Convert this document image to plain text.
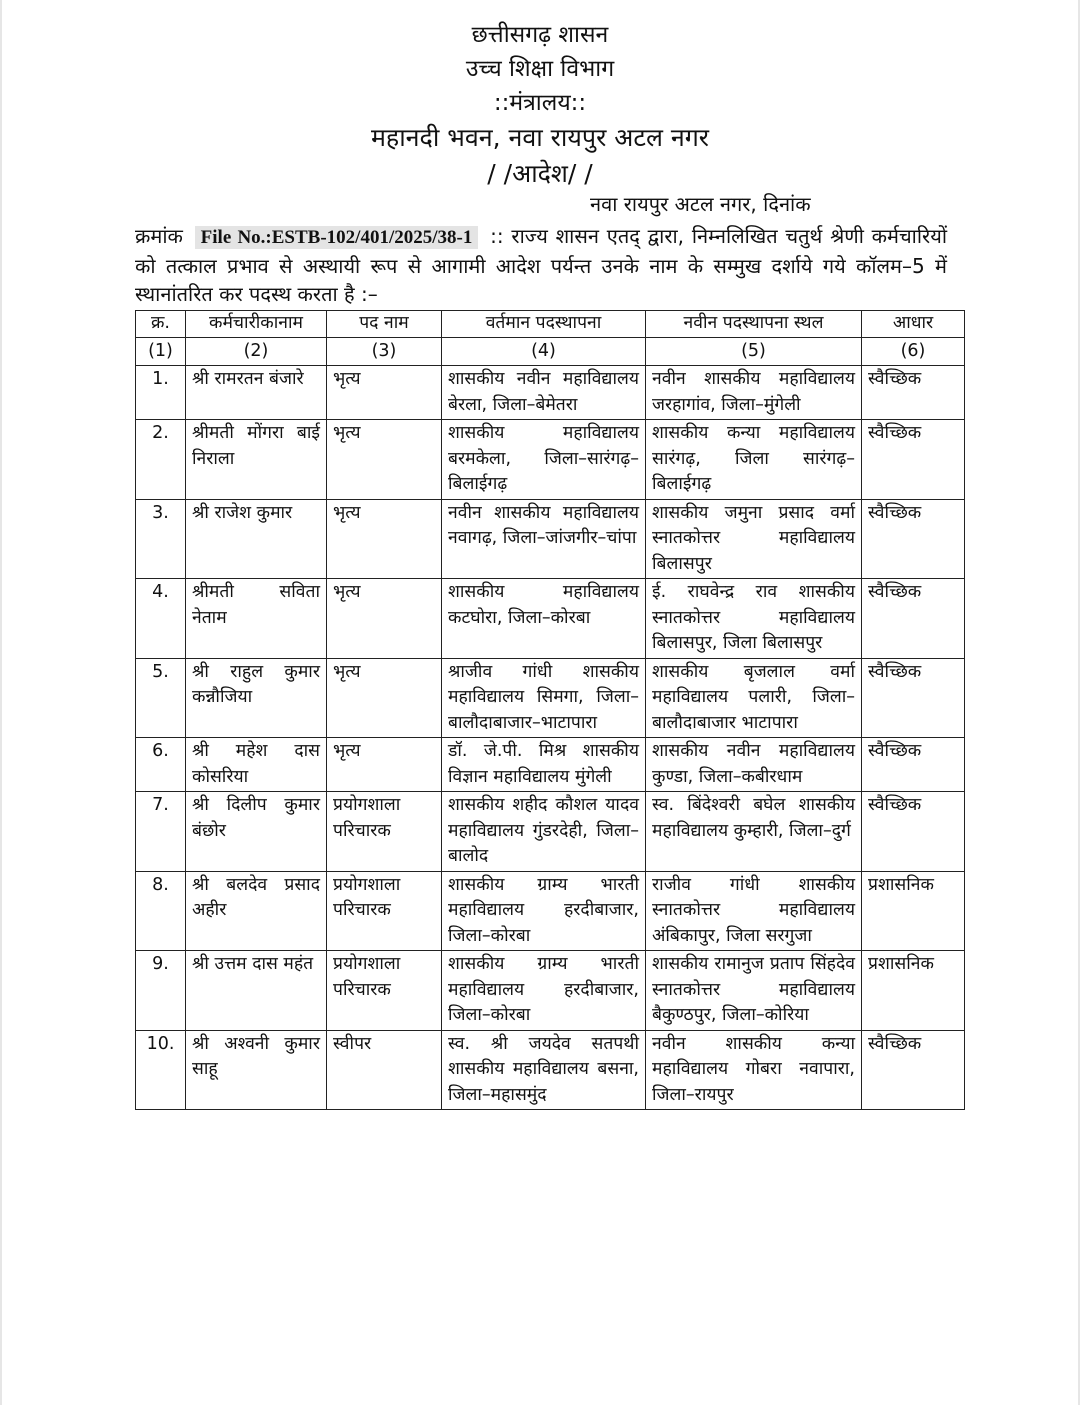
छत्तीसगढ़ शासन
उच्च शिक्षा विभाग
::मंत्रालय::
महानदी भवन, नवा रायपुर अटल नगर
/ /आदेश/ /
नवा रायपुर अटल नगर, दिनांक
क्रमांक File No.:ESTB-102/401/2025/38-1 :: राज्य शासन एतद् द्वारा, निम्नलिखित चतुर्थ श्रेणी कर्मचारियों को तत्काल प्रभाव से अस्थायी रूप से आगामी आदेश पर्यन्त उनके नाम के सम्मुख दर्शाये गये कॉलम–5 में स्थानांतरित कर पदस्थ करता है :–
क्र.	कर्मचारीकानाम	पद नाम	वर्तमान पदस्थापना	नवीन पदस्थापना स्थल	आधार
(1)	(2)	(3)	(4)	(5)	(6)
1.	श्री रामरतन बंजारे	भृत्य	शासकीय नवीन महाविद्यालय बेरला, जिला–बेमेतरा	नवीन शासकीय महाविद्यालय जरहागांव, जिला–मुंगेली	स्वैच्छिक
2.	श्रीमती मोंगरा बाई निराला	भृत्य	शासकीय महाविद्यालय बरमकेला, जिला–सारंगढ़–बिलाईगढ़	शासकीय कन्या महाविद्यालय सारंगढ़, जिला सारंगढ़–बिलाईगढ़	स्वैच्छिक
3.	श्री राजेश कुमार	भृत्य	नवीन शासकीय महाविद्यालय नवागढ़, जिला–जांजगीर–चांपा	शासकीय जमुना प्रसाद वर्मा स्नातकोत्तर महाविद्यालय बिलासपुर	स्वैच्छिक
4.	श्रीमती सविता नेताम	भृत्य	शासकीय महाविद्यालय कटघोरा, जिला–कोरबा	ई. राघवेन्द्र राव शासकीय स्नातकोत्तर महाविद्यालय बिलासपुर, जिला बिलासपुर	स्वैच्छिक
5.	श्री राहुल कुमार कन्नौजिया	भृत्य	श्राजीव गांधी शासकीय महाविद्यालय सिमगा, जिला–बालौदाबाजार–भाटापारा	शासकीय बृजलाल वर्मा महाविद्यालय पलारी, जिला–बालौदाबाजार भाटापारा	स्वैच्छिक
6.	श्री महेश दास कोसरिया	भृत्य	डॉ. जे.पी. मिश्र शासकीय विज्ञान महाविद्यालय मुंगेली	शासकीय नवीन महाविद्यालय कुण्डा, जिला–कबीरधाम	स्वैच्छिक
7.	श्री दिलीप कुमार बंछोर	प्रयोगशाला परिचारक	शासकीय शहीद कौशल यादव महाविद्यालय गुंडरदेही, जिला–बालोद	स्व. बिंदेश्वरी बघेल शासकीय महाविद्यालय कुम्हारी, जिला–दुर्ग	स्वैच्छिक
8.	श्री बलदेव प्रसाद अहीर	प्रयोगशाला परिचारक	शासकीय ग्राम्य भारती महाविद्यालय हरदीबाजार, जिला–कोरबा	राजीव गांधी शासकीय स्नातकोत्तर महाविद्यालय अंबिकापुर, जिला सरगुजा	प्रशासनिक
9.	श्री उत्तम दास महंत	प्रयोगशाला परिचारक	शासकीय ग्राम्य भारती महाविद्यालय हरदीबाजार, जिला–कोरबा	शासकीय रामानुज प्रताप सिंहदेव स्नातकोत्तर महाविद्यालय बैकुण्ठपुर, जिला–कोरिया	प्रशासनिक
10.	श्री अश्वनी कुमार साहू	स्वीपर	स्व. श्री जयदेव सतपथी शासकीय महाविद्यालय बसना, जिला–महासमुंद	नवीन शासकीय कन्या महाविद्यालय गोबरा नवापारा, जिला–रायपुर	स्वैच्छिक
